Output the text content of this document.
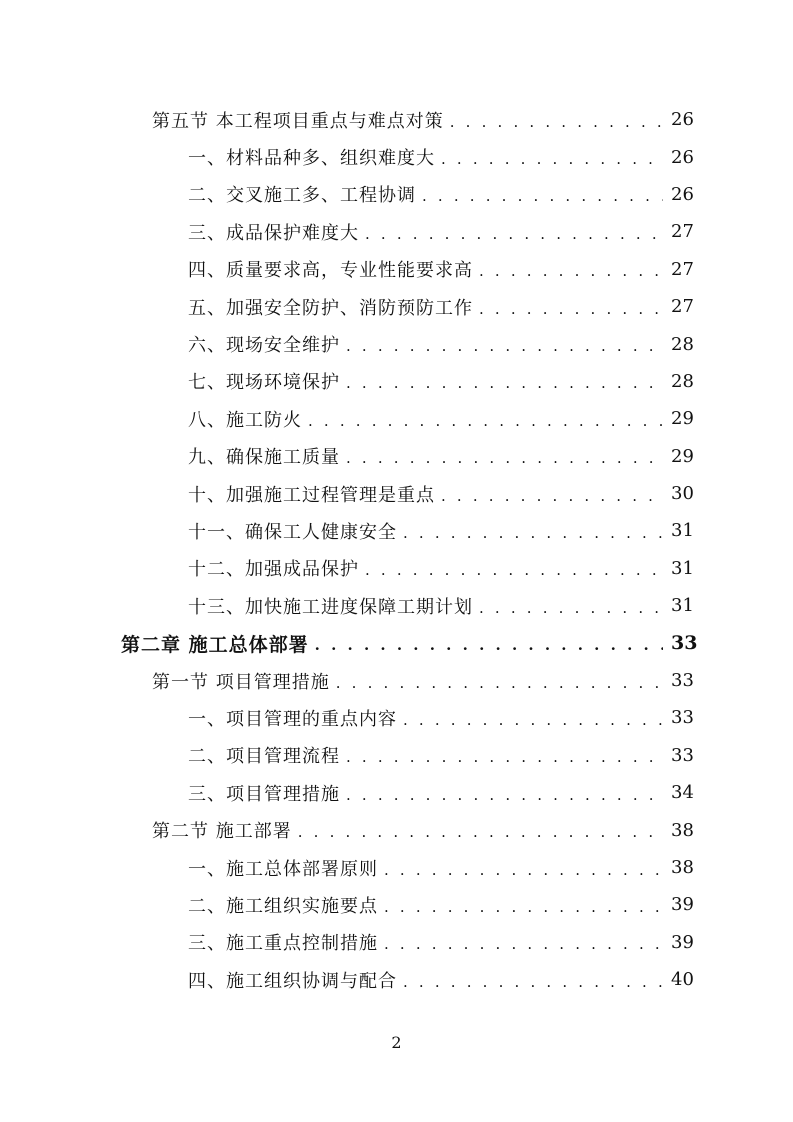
第五节 本工程项目重点与难点对策 . . .	26
一、材料品种多、组织难度大 . . .	26
二、交叉施工多、工程协调 . . .	26
三、成品保护难度大 . . .	27
四、质量要求高，专业性能要求高 . . .	27
五、加强安全防护、消防预防工作 . . .	27
六、现场安全维护 . . .	28
七、现场环境保护 . . .	28
八、施工防火 . . .	29
九、确保施工质量 . . .	29
十、加强施工过程管理是重点 . . .	30
十一、确保工人健康安全 . . .	31
十二、加强成品保护 . . .	31
十三、加快施工进度保障工期计划 . . .	31
第二章 施工总体部署 . . .	33
第一节 项目管理措施 . . .	33
一、项目管理的重点内容 . . .	33
二、项目管理流程 . . .	33
三、项目管理措施 . . .	34
第二节 施工部署 . . .	38
一、施工总体部署原则 . . .	38
二、施工组织实施要点 . . .	39
三、施工重点控制措施 . . .	39
四、施工组织协调与配合 . . .	40
2
